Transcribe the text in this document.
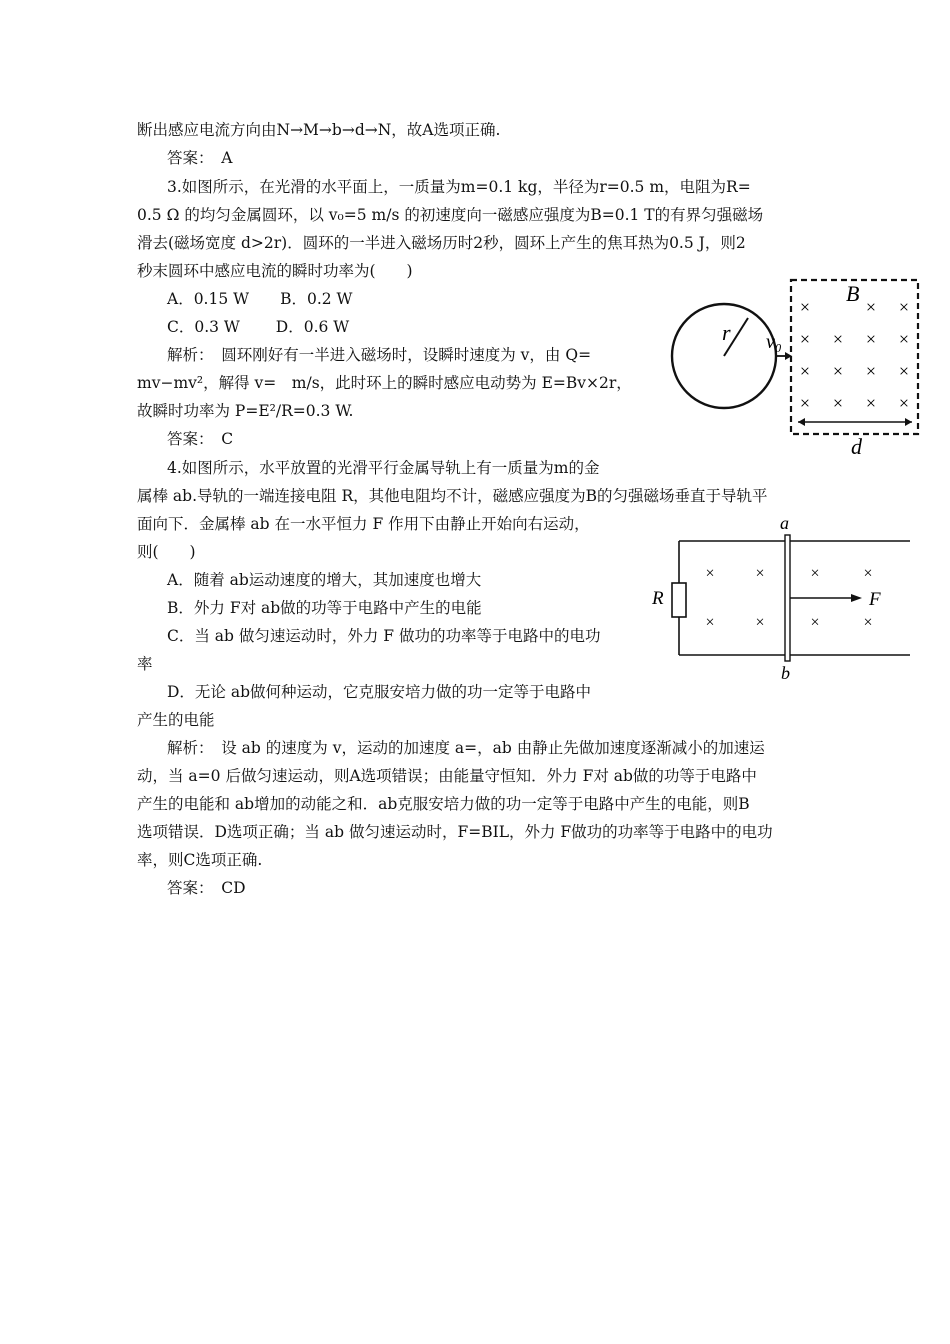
断出感应电流方向由N→M→b→d→N，故A选项正确.
答案：　A
3.如图所示，在光滑的水平面上，一质量为m=0.1 kg，半径为r=0.5 m，电阻为R=
0.5 Ω 的均匀金属圆环，以 v₀=5 m/s 的初速度向一磁感应强度为B=0.1 T的有界匀强磁场
滑去(磁场宽度 d>2r)．圆环的一半进入磁场历时2秒，圆环上产生的焦耳热为0.5 J，则2
秒末圆环中感应电流的瞬时功率为(　　)
A．0.15 W　　B．0.2 W
C．0.3 W　　 D．0.6 W
解析：　圆环刚好有一半进入磁场时，设瞬时速度为 v，由 Q=
mv−mv²，解得 v=　m/s，此时环上的瞬时感应电动势为 E=Bv×2r，
故瞬时功率为 P=E²/R=0.3 W.
答案：　C
4.如图所示，水平放置的光滑平行金属导轨上有一质量为m的金
属棒 ab.导轨的一端连接电阻 R，其他电阻均不计，磁感应强度为B的匀强磁场垂直于导轨平
面向下．金属棒 ab 在一水平恒力 F 作用下由静止开始向右运动，
则(　　)
A．随着 ab运动速度的增大，其加速度也增大
B．外力 F对 ab做的功等于电路中产生的电能
C．当 ab 做匀速运动时，外力 F 做功的功率等于电路中的电功
率
D．无论 ab做何种运动，它克服安培力做的功一定等于电路中
产生的电能
解析：　设 ab 的速度为 v，运动的加速度 a=，ab 由静止先做加速度逐渐减小的加速运
动，当 a=0 后做匀速运动，则A选项错误；由能量守恒知．外力 F对 ab做的功等于电路中
产生的电能和 ab增加的动能之和．ab克服安培力做的功一定等于电路中产生的电能，则B
选项错误．D选项正确；当 ab 做匀速运动时，F=BIL，外力 F做功的功率等于电路中的电功
率，则C选项正确.
答案：　CD
r v₀
B
×	× ×
× × × ×
× × × ×
× × × ×
d
R
a
b
F
×	×	×	×
×	×	×	×
